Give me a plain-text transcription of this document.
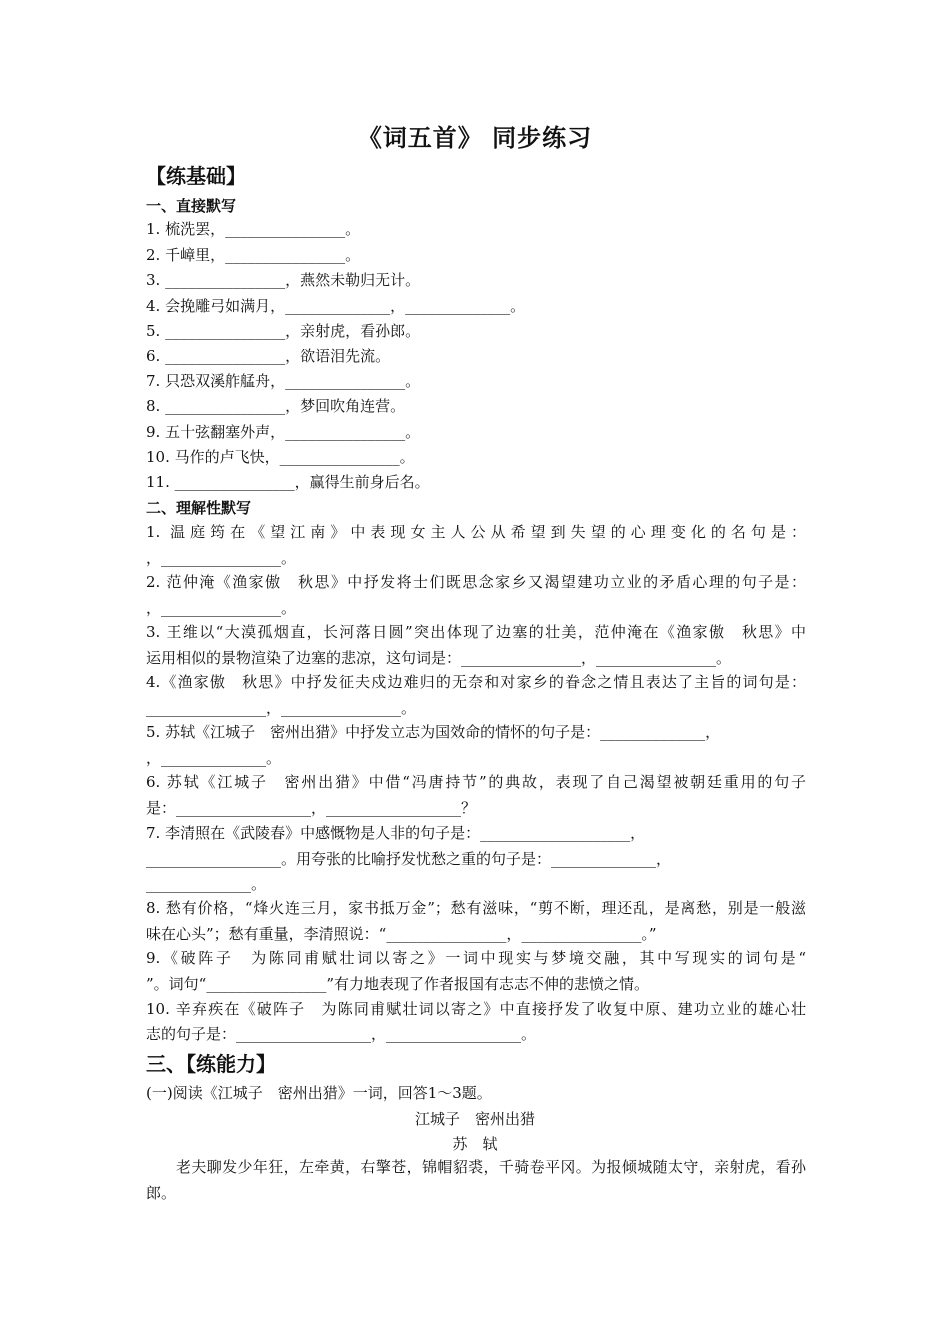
《词五首》 同步练习
【练基础】
一、直接默写
1. 梳洗罢，________________。
2. 千嶂里，________________。
3. ________________，燕然未勒归无计。
4. 会挽雕弓如满月，______________，______________。
5. ________________，亲射虎，看孙郎。
6. ________________，欲语泪先流。
7. 只恐双溪舴艋舟，________________。
8. ________________，梦回吹角连营。
9. 五十弦翻塞外声，________________。
10. 马作的卢飞快，________________。
11. ________________，赢得生前身后名。
二、理解性默写
1. 温庭筠在《望江南》中表现女主人公从希望到失望的心理变化的名句是：
，________________。
2. 范仲淹《渔家傲　秋思》中抒发将士们既思念家乡又渴望建功立业的矛盾心理的句子是：
，________________。
3. 王维以“大漠孤烟直，长河落日圆”突出体现了边塞的壮美，范仲淹在《渔家傲　秋思》中
运用相似的景物渲染了边塞的悲凉，这句词是：________________，________________。
4.《渔家傲　秋思》中抒发征夫戍边难归的无奈和对家乡的眷念之情且表达了主旨的词句是：
________________，________________。
5. 苏轼《江城子　密州出猎》中抒发立志为国效命的情怀的句子是：______________，
，______________。
6. 苏轼《江城子　密州出猎》中借“冯唐持节”的典故，表现了自己渴望被朝廷重用的句子
是：__________________，__________________？
7. 李清照在《武陵春》中感慨物是人非的句子是：____________________，
__________________。用夸张的比喻抒发忧愁之重的句子是：______________，
______________。
8. 愁有价格，“烽火连三月，家书抵万金”；愁有滋味，“剪不断，理还乱，是离愁，别是一般滋
味在心头”；愁有重量，李清照说：“________________，________________。”
9.《破阵子　为陈同甫赋壮词以寄之》一词中现实与梦境交融，其中写现实的词句是“
”。词句“________________”有力地表现了作者报国有志志不伸的悲愤之情。
10. 辛弃疾在《破阵子　为陈同甫赋壮词以寄之》中直接抒发了收复中原、建功立业的雄心壮
志的句子是：__________________，__________________。
三、【练能力】
(一)阅读《江城子　密州出猎》一词，回答1～3题。
江城子　密州出猎
苏　轼
老夫聊发少年狂，左牵黄，右擎苍，锦帽貂裘，千骑卷平冈。为报倾城随太守，亲射虎，看孙郎。
